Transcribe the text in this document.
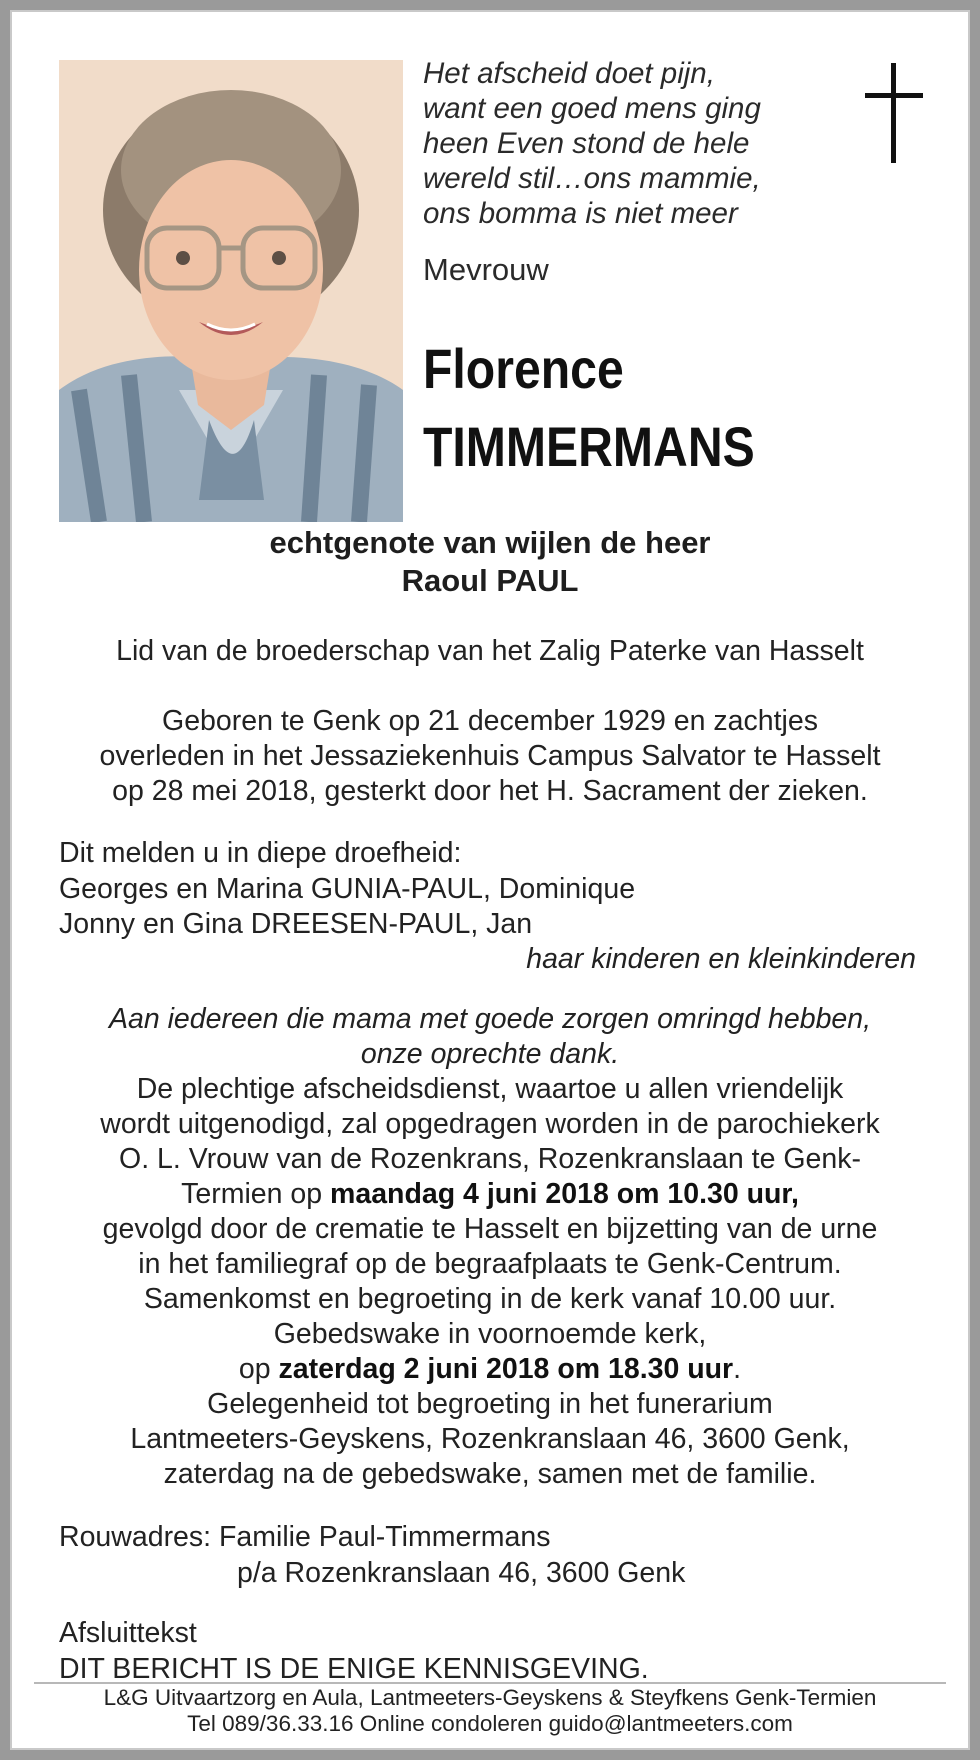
Het afscheid doet pijn,
want een goed mens ging
heen Even stond de hele
wereld stil…ons mammie,
ons bomma is niet meer
Mevrouw
Florence
TIMMERMANS
echtgenote van wijlen de heer
Raoul PAUL
Lid van de broederschap van het Zalig Paterke van Hasselt
Geboren te Genk op 21 december 1929 en zachtjes
overleden in het Jessaziekenhuis Campus Salvator te Hasselt
op 28 mei 2018, gesterkt door het H. Sacrament der zieken.
Dit melden u in diepe droefheid:
Georges en Marina GUNIA-PAUL, Dominique
Jonny en Gina DREESEN-PAUL, Jan
haar kinderen en kleinkinderen
Aan iedereen die mama met goede zorgen omringd hebben,
onze oprechte dank.
De plechtige afscheidsdienst, waartoe u allen vriendelijk
wordt uitgenodigd, zal opgedragen worden in de parochiekerk
O. L. Vrouw van de Rozenkrans, Rozenkranslaan te Genk-
Termien op maandag 4 juni 2018 om 10.30 uur,
gevolgd door de crematie te Hasselt en bijzetting van de urne
in het familiegraf op de begraafplaats te Genk-Centrum.
Samenkomst en begroeting in de kerk vanaf 10.00 uur.
Gebedswake in voornoemde kerk,
op zaterdag 2 juni 2018 om 18.30 uur.
Gelegenheid tot begroeting in het funerarium
Lantmeeters-Geyskens, Rozenkranslaan 46, 3600 Genk,
zaterdag na de gebedswake, samen met de familie.
Rouwadres: Familie Paul-Timmermans
p/a Rozenkranslaan 46, 3600 Genk
Afsluittekst
DIT BERICHT IS DE ENIGE KENNISGEVING.
L&G Uitvaartzorg en Aula, Lantmeeters-Geyskens & Steyfkens Genk-Termien
Tel 089/36.33.16 Online condoleren guido@lantmeeters.com
